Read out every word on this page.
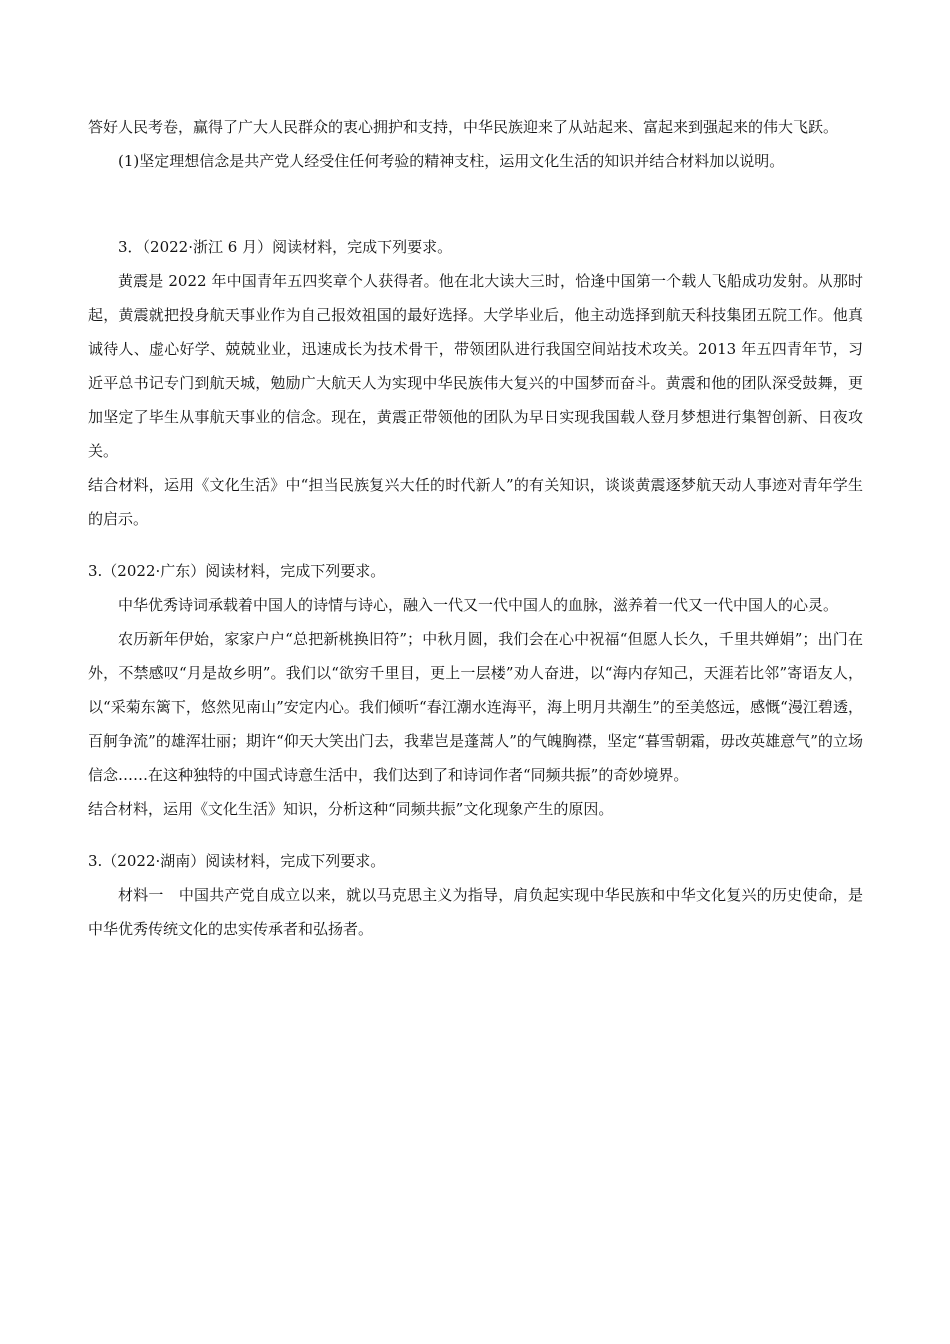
答好人民考卷，赢得了广大人民群众的衷心拥护和支持，中华民族迎来了从站起来、富起来到强起来的伟大飞跃。

(1)坚定理想信念是共产党人经受住任何考验的精神支柱，运用文化生活的知识并结合材料加以说明。

3．（2022·浙江 6 月）阅读材料，完成下列要求。

黄震是 2022 年中国青年五四奖章个人获得者。他在北大读大三时，恰逢中国第一个载人飞船成功发射。从那时起，黄震就把投身航天事业作为自己报效祖国的最好选择。大学毕业后，他主动选择到航天科技集团五院工作。他真诚待人、虚心好学、兢兢业业，迅速成长为技术骨干，带领团队进行我国空间站技术攻关。2013 年五四青年节，习近平总书记专门到航天城，勉励广大航天人为实现中华民族伟大复兴的中国梦而奋斗。黄震和他的团队深受鼓舞，更加坚定了毕生从事航天事业的信念。现在，黄震正带领他的团队为早日实现我国载人登月梦想进行集智创新、日夜攻关。

结合材料，运用《文化生活》中“担当民族复兴大任的时代新人”的有关知识，谈谈黄震逐梦航天动人事迹对青年学生的启示。

3.（2022·广东）阅读材料，完成下列要求。

中华优秀诗词承载着中国人的诗情与诗心，融入一代又一代中国人的血脉，滋养着一代又一代中国人的心灵。

农历新年伊始，家家户户“总把新桃换旧符”；中秋月圆，我们会在心中祝福“但愿人长久，千里共婵娟”；出门在外，不禁感叹“月是故乡明”。我们以“欲穷千里目，更上一层楼”劝人奋进，以“海内存知己，天涯若比邻”寄语友人，以“采菊东篱下，悠然见南山”安定内心。我们倾听“春江潮水连海平，海上明月共潮生”的至美悠远，感慨“漫江碧透，百舸争流”的雄浑壮丽；期许“仰天大笑出门去，我辈岂是蓬蒿人”的气魄胸襟，坚定“暮雪朝霜，毋改英雄意气”的立场信念……在这种独特的中国式诗意生活中，我们达到了和诗词作者“同频共振”的奇妙境界。

结合材料，运用《文化生活》知识，分析这种“同频共振”文化现象产生的原因。

3.（2022·湖南）阅读材料，完成下列要求。

材料一　中国共产党自成立以来，就以马克思主义为指导，肩负起实现中华民族和中华文化复兴的历史使命，是中华优秀传统文化的忠实传承者和弘扬者。
